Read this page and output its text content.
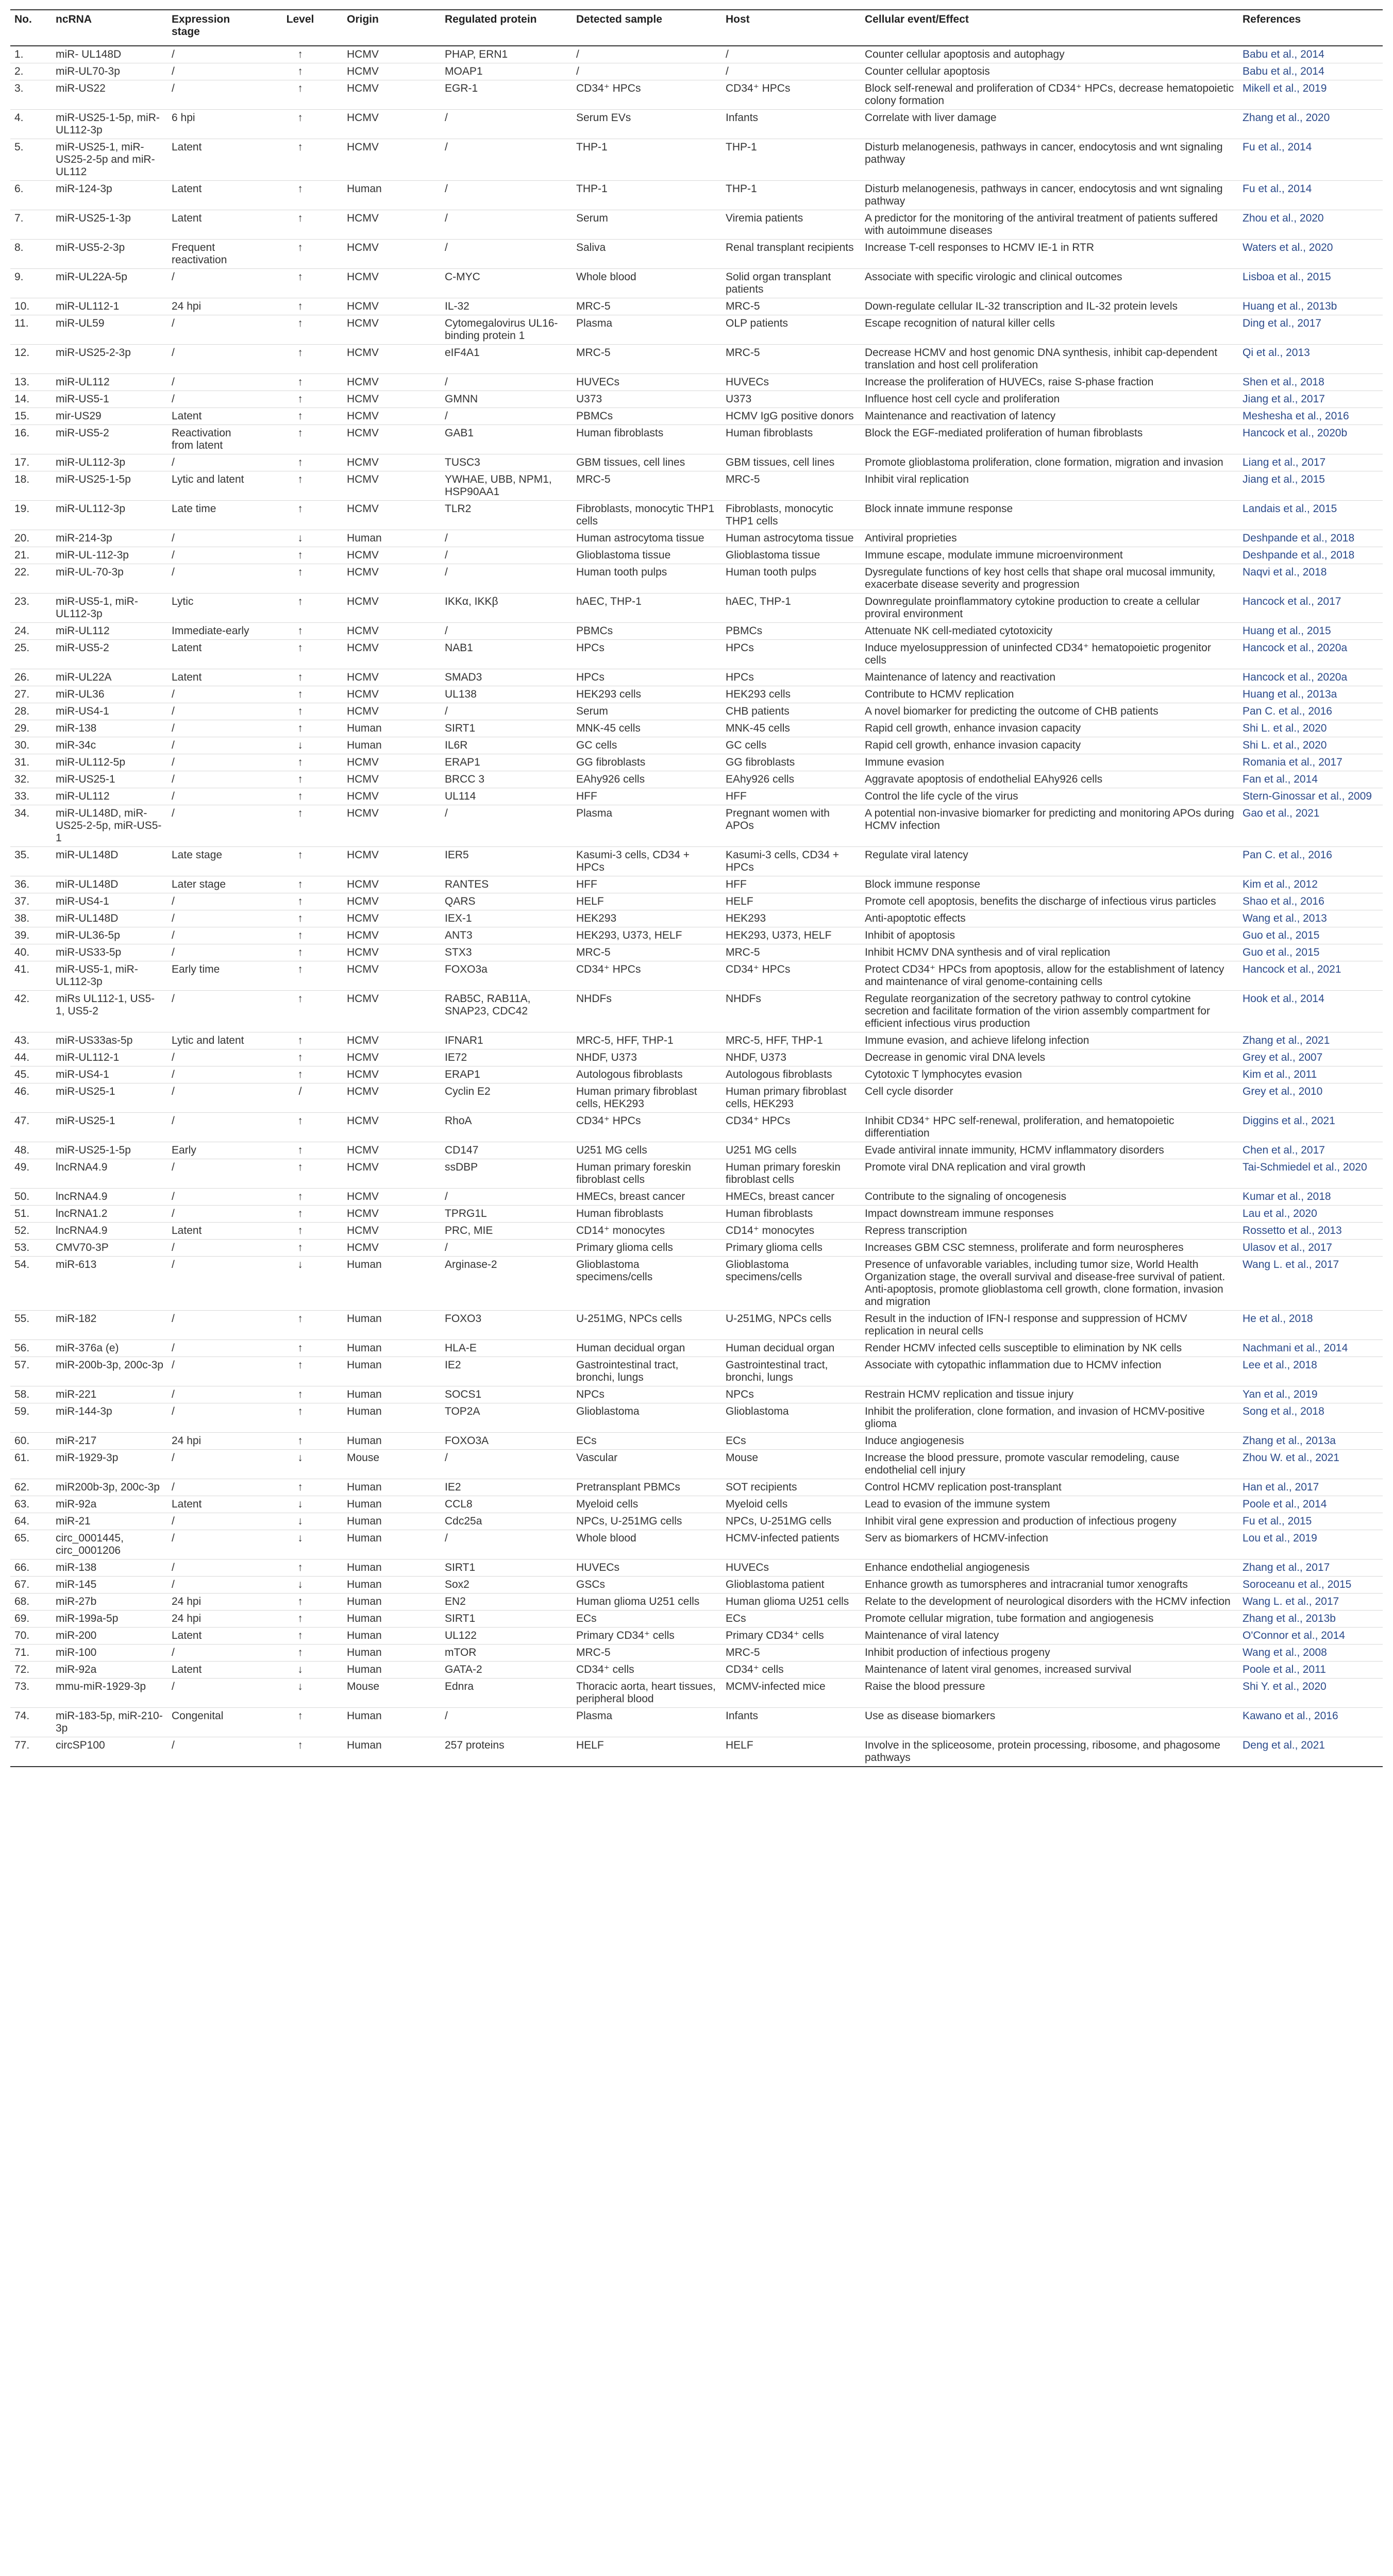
No.	ncRNA	Expression stage	Level	Origin	Regulated protein	Detected sample	Host	Cellular event/Effect	References
1.	miR- UL148D	/	↑	HCMV	PHAP, ERN1	/	/	Counter cellular apoptosis and autophagy	Babu et al., 2014
2.	miR-UL70-3p	/	↑	HCMV	MOAP1	/	/	Counter cellular apoptosis	Babu et al., 2014
3.	miR-US22	/	↑	HCMV	EGR-1	CD34⁺ HPCs	CD34⁺ HPCs	Block self-renewal and proliferation of CD34⁺ HPCs, decrease hematopoietic colony formation	Mikell et al., 2019
4.	miR-US25-1-5p, miR-UL112-3p	6 hpi	↑	HCMV	/	Serum EVs	Infants	Correlate with liver damage	Zhang et al., 2020
5.	miR-US25-1, miR-US25-2-5p and miR-UL112	Latent	↑	HCMV	/	THP-1	THP-1	Disturb melanogenesis, pathways in cancer, endocytosis and wnt signaling pathway	Fu et al., 2014
6.	miR-124-3p	Latent	↑	Human	/	THP-1	THP-1	Disturb melanogenesis, pathways in cancer, endocytosis and wnt signaling pathway	Fu et al., 2014
7.	miR-US25-1-3p	Latent	↑	HCMV	/	Serum	Viremia patients	A predictor for the monitoring of the antiviral treatment of patients suffered with autoimmune diseases	Zhou et al., 2020
8.	miR-US5-2-3p	Frequent reactivation	↑	HCMV	/	Saliva	Renal transplant recipients	Increase T-cell responses to HCMV IE-1 in RTR	Waters et al., 2020
9.	miR-UL22A-5p	/	↑	HCMV	C-MYC	Whole blood	Solid organ transplant patients	Associate with specific virologic and clinical outcomes	Lisboa et al., 2015
10.	miR-UL112-1	24 hpi	↑	HCMV	IL-32	MRC-5	MRC-5	Down-regulate cellular IL-32 transcription and IL-32 protein levels	Huang et al., 2013b
11.	miR-UL59	/	↑	HCMV	Cytomegalovirus UL16-binding protein 1	Plasma	OLP patients	Escape recognition of natural killer cells	Ding et al., 2017
12.	miR-US25-2-3p	/	↑	HCMV	eIF4A1	MRC-5	MRC-5	Decrease HCMV and host genomic DNA synthesis, inhibit cap-dependent translation and host cell proliferation	Qi et al., 2013
13.	miR-UL112	/	↑	HCMV	/	HUVECs	HUVECs	Increase the proliferation of HUVECs, raise S-phase fraction	Shen et al., 2018
14.	miR-US5-1	/	↑	HCMV	GMNN	U373	U373	Influence host cell cycle and proliferation	Jiang et al., 2017
15.	mir-US29	Latent	↑	HCMV	/	PBMCs	HCMV IgG positive donors	Maintenance and reactivation of latency	Meshesha et al., 2016
16.	miR-US5-2	Reactivation from latent	↑	HCMV	GAB1	Human fibroblasts	Human fibroblasts	Block the EGF-mediated proliferation of human fibroblasts	Hancock et al., 2020b
17.	miR-UL112-3p	/	↑	HCMV	TUSC3	GBM tissues, cell lines	GBM tissues, cell lines	Promote glioblastoma proliferation, clone formation, migration and invasion	Liang et al., 2017
18.	miR-US25-1-5p	Lytic and latent	↑	HCMV	YWHAE, UBB, NPM1, HSP90AA1	MRC-5	MRC-5	Inhibit viral replication	Jiang et al., 2015
19.	miR-UL112-3p	Late time	↑	HCMV	TLR2	Fibroblasts, monocytic THP1 cells	Fibroblasts, monocytic THP1 cells	Block innate immune response	Landais et al., 2015
20.	miR-214-3p	/	↓	Human	/	Human astrocytoma tissue	Human astrocytoma tissue	Antiviral proprieties	Deshpande et al., 2018
21.	miR-UL-112-3p	/	↑	HCMV	/	Glioblastoma tissue	Glioblastoma tissue	Immune escape, modulate immune microenvironment	Deshpande et al., 2018
22.	miR-UL-70-3p	/	↑	HCMV	/	Human tooth pulps	Human tooth pulps	Dysregulate functions of key host cells that shape oral mucosal immunity, exacerbate disease severity and progression	Naqvi et al., 2018
23.	miR-US5-1, miR-UL112-3p	Lytic	↑	HCMV	IKKα, IKKβ	hAEC, THP-1	hAEC, THP-1	Downregulate proinflammatory cytokine production to create a cellular proviral environment	Hancock et al., 2017
24.	miR-UL112	Immediate-early	↑	HCMV	/	PBMCs	PBMCs	Attenuate NK cell-mediated cytotoxicity	Huang et al., 2015
25.	miR-US5-2	Latent	↑	HCMV	NAB1	HPCs	HPCs	Induce myelosuppression of uninfected CD34⁺ hematopoietic progenitor cells	Hancock et al., 2020a
26.	miR-UL22A	Latent	↑	HCMV	SMAD3	HPCs	HPCs	Maintenance of latency and reactivation	Hancock et al., 2020a
27.	miR-UL36	/	↑	HCMV	UL138	HEK293 cells	HEK293 cells	Contribute to HCMV replication	Huang et al., 2013a
28.	miR-US4-1	/	↑	HCMV	/	Serum	CHB patients	A novel biomarker for predicting the outcome of CHB patients	Pan C. et al., 2016
29.	miR-138	/	↑	Human	SIRT1	MNK-45 cells	MNK-45 cells	Rapid cell growth, enhance invasion capacity	Shi L. et al., 2020
30.	miR-34c	/	↓	Human	IL6R	GC cells	GC cells	Rapid cell growth, enhance invasion capacity	Shi L. et al., 2020
31.	miR-UL112-5p	/	↑	HCMV	ERAP1	GG fibroblasts	GG fibroblasts	Immune evasion	Romania et al., 2017
32.	miR-US25-1	/	↑	HCMV	BRCC 3	EAhy926 cells	EAhy926 cells	Aggravate apoptosis of endothelial EAhy926 cells	Fan et al., 2014
33.	miR-UL112	/	↑	HCMV	UL114	HFF	HFF	Control the life cycle of the virus	Stern-Ginossar et al., 2009
34.	miR-UL148D, miR-US25-2-5p, miR-US5-1	/	↑	HCMV	/	Plasma	Pregnant women with APOs	A potential non-invasive biomarker for predicting and monitoring APOs during HCMV infection	Gao et al., 2021
35.	miR-UL148D	Late stage	↑	HCMV	IER5	Kasumi-3 cells, CD34 + HPCs	Kasumi-3 cells, CD34 + HPCs	Regulate viral latency	Pan C. et al., 2016
36.	miR-UL148D	Later stage	↑	HCMV	RANTES	HFF	HFF	Block immune response	Kim et al., 2012
37.	miR-US4-1	/	↑	HCMV	QARS	HELF	HELF	Promote cell apoptosis, benefits the discharge of infectious virus particles	Shao et al., 2016
38.	miR-UL148D	/	↑	HCMV	IEX-1	HEK293	HEK293	Anti-apoptotic effects	Wang et al., 2013
39.	miR-UL36-5p	/	↑	HCMV	ANT3	HEK293, U373, HELF	HEK293, U373, HELF	Inhibit of apoptosis	Guo et al., 2015
40.	miR-US33-5p	/	↑	HCMV	STX3	MRC-5	MRC-5	Inhibit HCMV DNA synthesis and of viral replication	Guo et al., 2015
41.	miR-US5-1, miR-UL112-3p	Early time	↑	HCMV	FOXO3a	CD34⁺ HPCs	CD34⁺ HPCs	Protect CD34⁺ HPCs from apoptosis, allow for the establishment of latency and maintenance of viral genome-containing cells	Hancock et al., 2021
42.	miRs UL112-1, US5-1, US5-2	/	↑	HCMV	RAB5C, RAB11A, SNAP23, CDC42	NHDFs	NHDFs	Regulate reorganization of the secretory pathway to control cytokine secretion and facilitate formation of the virion assembly compartment for efficient infectious virus production	Hook et al., 2014
43.	miR-US33as-5p	Lytic and latent	↑	HCMV	IFNAR1	MRC-5, HFF, THP-1	MRC-5, HFF, THP-1	Immune evasion, and achieve lifelong infection	Zhang et al., 2021
44.	miR-UL112-1	/	↑	HCMV	IE72	NHDF, U373	NHDF, U373	Decrease in genomic viral DNA levels	Grey et al., 2007
45.	miR-US4-1	/	↑	HCMV	ERAP1	Autologous fibroblasts	Autologous fibroblasts	Cytotoxic T lymphocytes evasion	Kim et al., 2011
46.	miR-US25-1	/	/	HCMV	Cyclin E2	Human primary fibroblast cells, HEK293	Human primary fibroblast cells, HEK293	Cell cycle disorder	Grey et al., 2010
47.	miR-US25-1	/	↑	HCMV	RhoA	CD34⁺ HPCs	CD34⁺ HPCs	Inhibit CD34⁺ HPC self-renewal, proliferation, and hematopoietic differentiation	Diggins et al., 2021
48.	miR-US25-1-5p	Early	↑	HCMV	CD147	U251 MG cells	U251 MG cells	Evade antiviral innate immunity, HCMV inflammatory disorders	Chen et al., 2017
49.	lncRNA4.9	/	↑	HCMV	ssDBP	Human primary foreskin fibroblast cells	Human primary foreskin fibroblast cells	Promote viral DNA replication and viral growth	Tai-Schmiedel et al., 2020
50.	lncRNA4.9	/	↑	HCMV	/	HMECs, breast cancer	HMECs, breast cancer	Contribute to the signaling of oncogenesis	Kumar et al., 2018
51.	lncRNA1.2	/	↑	HCMV	TPRG1L	Human fibroblasts	Human fibroblasts	Impact downstream immune responses	Lau et al., 2020
52.	lncRNA4.9	Latent	↑	HCMV	PRC, MIE	CD14⁺ monocytes	CD14⁺ monocytes	Repress transcription	Rossetto et al., 2013
53.	CMV70-3P	/	↑	HCMV	/	Primary glioma cells	Primary glioma cells	Increases GBM CSC stemness, proliferate and form neurospheres	Ulasov et al., 2017
54.	miR-613	/	↓	Human	Arginase-2	Glioblastoma specimens/cells	Glioblastoma specimens/cells	Presence of unfavorable variables, including tumor size, World Health Organization stage, the overall survival and disease-free survival of patient. Anti-apoptosis, promote glioblastoma cell growth, clone formation, invasion and migration	Wang L. et al., 2017
55.	miR-182	/	↑	Human	FOXO3	U-251MG, NPCs cells	U-251MG, NPCs cells	Result in the induction of IFN-I response and suppression of HCMV replication in neural cells	He et al., 2018
56.	miR-376a (e)	/	↑	Human	HLA-E	Human decidual organ	Human decidual organ	Render HCMV infected cells susceptible to elimination by NK cells	Nachmani et al., 2014
57.	miR-200b-3p, 200c-3p	/	↑	Human	IE2	Gastrointestinal tract, bronchi, lungs	Gastrointestinal tract, bronchi, lungs	Associate with cytopathic inflammation due to HCMV infection	Lee et al., 2018
58.	miR-221	/	↑	Human	SOCS1	NPCs	NPCs	Restrain HCMV replication and tissue injury	Yan et al., 2019
59.	miR-144-3p	/	↑	Human	TOP2A	Glioblastoma	Glioblastoma	Inhibit the proliferation, clone formation, and invasion of HCMV-positive glioma	Song et al., 2018
60.	miR-217	24 hpi	↑	Human	FOXO3A	ECs	ECs	Induce angiogenesis	Zhang et al., 2013a
61.	miR-1929-3p	/	↓	Mouse	/	Vascular	Mouse	Increase the blood pressure, promote vascular remodeling, cause endothelial cell injury	Zhou W. et al., 2021
62.	miR200b-3p, 200c-3p	/	↑	Human	IE2	Pretransplant PBMCs	SOT recipients	Control HCMV replication post-transplant	Han et al., 2017
63.	miR-92a	Latent	↓	Human	CCL8	Myeloid cells	Myeloid cells	Lead to evasion of the immune system	Poole et al., 2014
64.	miR-21	/	↓	Human	Cdc25a	NPCs, U-251MG cells	NPCs, U-251MG cells	Inhibit viral gene expression and production of infectious progeny	Fu et al., 2015
65.	circ_0001445, circ_0001206	/	↓	Human	/	Whole blood	HCMV-infected patients	Serv as biomarkers of HCMV-infection	Lou et al., 2019
66.	miR-138	/	↑	Human	SIRT1	HUVECs	HUVECs	Enhance endothelial angiogenesis	Zhang et al., 2017
67.	miR-145	/	↓	Human	Sox2	GSCs	Glioblastoma patient	Enhance growth as tumorspheres and intracranial tumor xenografts	Soroceanu et al., 2015
68.	miR-27b	24 hpi	↑	Human	EN2	Human glioma U251 cells	Human glioma U251 cells	Relate to the development of neurological disorders with the HCMV infection	Wang L. et al., 2017
69.	miR-199a-5p	24 hpi	↑	Human	SIRT1	ECs	ECs	Promote cellular migration, tube formation and angiogenesis	Zhang et al., 2013b
70.	miR-200	Latent	↑	Human	UL122	Primary CD34⁺ cells	Primary CD34⁺ cells	Maintenance of viral latency	O'Connor et al., 2014
71.	miR-100	/	↑	Human	mTOR	MRC-5	MRC-5	Inhibit production of infectious progeny	Wang et al., 2008
72.	miR-92a	Latent	↓	Human	GATA-2	CD34⁺ cells	CD34⁺ cells	Maintenance of latent viral genomes, increased survival	Poole et al., 2011
73.	mmu-miR-1929-3p	/	↓	Mouse	Ednra	Thoracic aorta, heart tissues, peripheral blood	MCMV-infected mice	Raise the blood pressure	Shi Y. et al., 2020
74.	miR-183-5p, miR-210-3p	Congenital	↑	Human	/	Plasma	Infants	Use as disease biomarkers	Kawano et al., 2016
77.	circSP100	/	↑	Human	257 proteins	HELF	HELF	Involve in the spliceosome, protein processing, ribosome, and phagosome pathways	Deng et al., 2021
